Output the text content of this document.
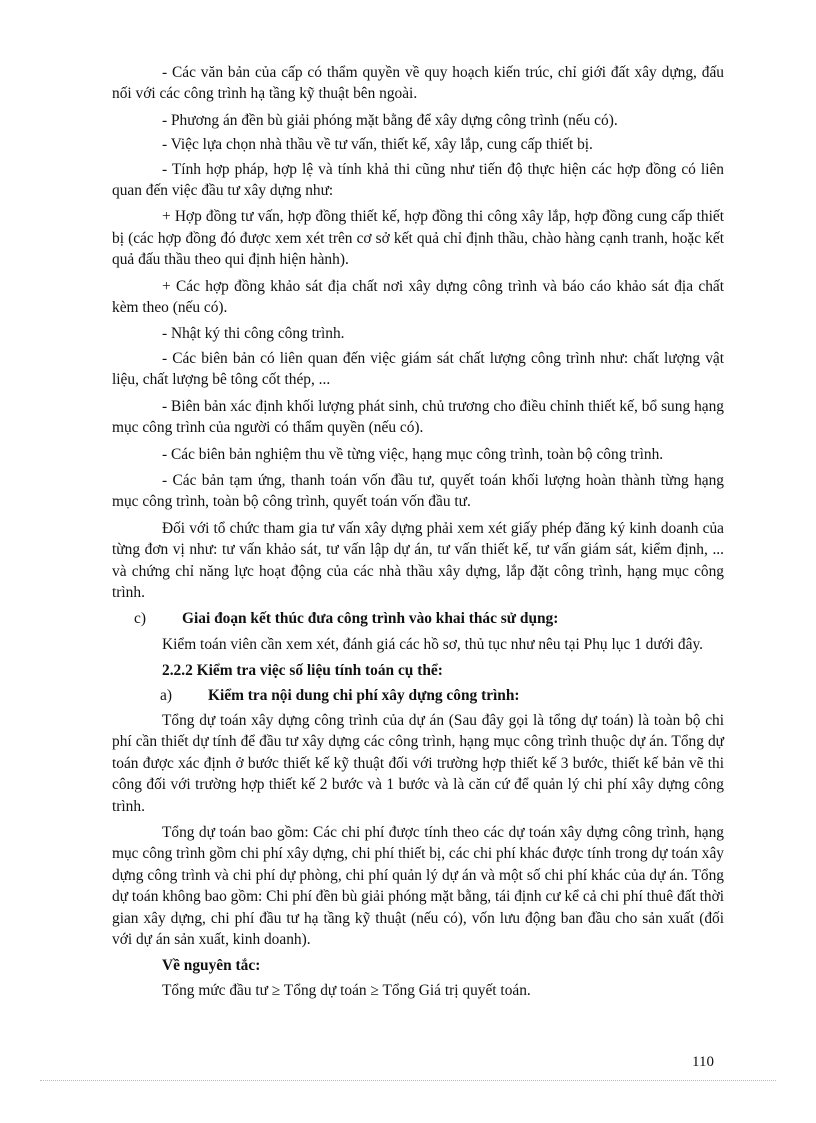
- Các văn bản của cấp có thẩm quyền về quy hoạch kiến trúc, chỉ giới đất xây dựng, đấu nối với các công trình hạ tầng kỹ thuật bên ngoài.

- Phương án đền bù giải phóng mặt bằng để xây dựng công trình (nếu có).

- Việc lựa chọn nhà thầu về tư vấn, thiết kế, xây lắp, cung cấp thiết bị.

- Tính hợp pháp, hợp lệ và tính khả thi cũng như tiến độ thực hiện các hợp đồng có liên quan đến việc đầu tư xây dựng như:

+ Hợp đồng tư vấn, hợp đồng thiết kế, hợp đồng thi công xây lắp, hợp đồng cung cấp thiết bị (các hợp đồng đó được xem xét trên cơ sở kết quả chỉ định thầu, chào hàng cạnh tranh, hoặc kết quả đấu thầu theo qui định hiện hành).

+ Các hợp đồng khảo sát địa chất nơi xây dựng công trình và báo cáo khảo sát địa chất kèm theo (nếu có).

- Nhật ký thi công công trình.

- Các biên bản có liên quan đến việc giám sát chất lượng công trình như: chất lượng vật liệu, chất lượng bê tông cốt thép, ...

- Biên bản xác định khối lượng phát sinh, chủ trương cho điều chỉnh thiết kế, bổ sung hạng mục công trình của người có thẩm quyền (nếu có).

- Các biên bản nghiệm thu về từng việc, hạng mục công trình, toàn bộ công trình.

- Các bản tạm ứng, thanh toán vốn đầu tư, quyết toán khối lượng hoàn thành từng hạng mục công trình, toàn bộ công trình, quyết toán vốn đầu tư.

Đối với tổ chức tham gia tư vấn xây dựng phải xem xét giấy phép đăng ký kinh doanh của từng đơn vị như: tư vấn khảo sát, tư vấn lập dự án, tư vấn thiết kế, tư vấn giám sát, kiểm định, ... và chứng chỉ năng lực hoạt động của các nhà thầu xây dựng, lắp đặt công trình, hạng mục công trình.

c)	Giai đoạn kết thúc đưa công trình vào khai thác sử dụng:

Kiểm toán viên cần xem xét, đánh giá các hồ sơ, thủ tục như nêu tại Phụ lục 1 dưới đây.

2.2.2 Kiểm tra việc số liệu tính toán cụ thể:
a)	Kiểm tra nội dung chi phí xây dựng công trình:

Tổng dự toán xây dựng công trình của dự án (Sau đây gọi là tổng dự toán) là toàn bộ chi phí cần thiết dự tính để đầu tư xây dựng các công trình, hạng mục công trình thuộc dự án. Tổng dự toán được xác định ở bước thiết kế kỹ thuật đối với trường hợp thiết kế 3 bước, thiết kế bản vẽ thi công đối với trường hợp thiết kế 2 bước và 1 bước và là căn cứ để quản lý chi phí xây dựng công trình.

Tổng dự toán bao gồm: Các chi phí được tính theo các dự toán xây dựng công trình, hạng mục công trình gồm chi phí xây dựng, chi phí thiết bị, các chi phí khác được tính trong dự toán xây dựng công trình và chi phí dự phòng, chi phí quản lý dự án và một số chi phí khác của dự án. Tổng dự toán không bao gồm: Chi phí đền bù giải phóng mặt bằng, tái định cư kể cả chi phí thuê đất thời gian xây dựng, chi phí đầu tư hạ tầng kỹ thuật (nếu có), vốn lưu động ban đầu cho sản xuất (đối với dự án sản xuất, kinh doanh).

Về nguyên tắc:

Tổng mức đầu tư ≥ Tổng dự toán ≥ Tổng Giá trị quyết toán.

110
